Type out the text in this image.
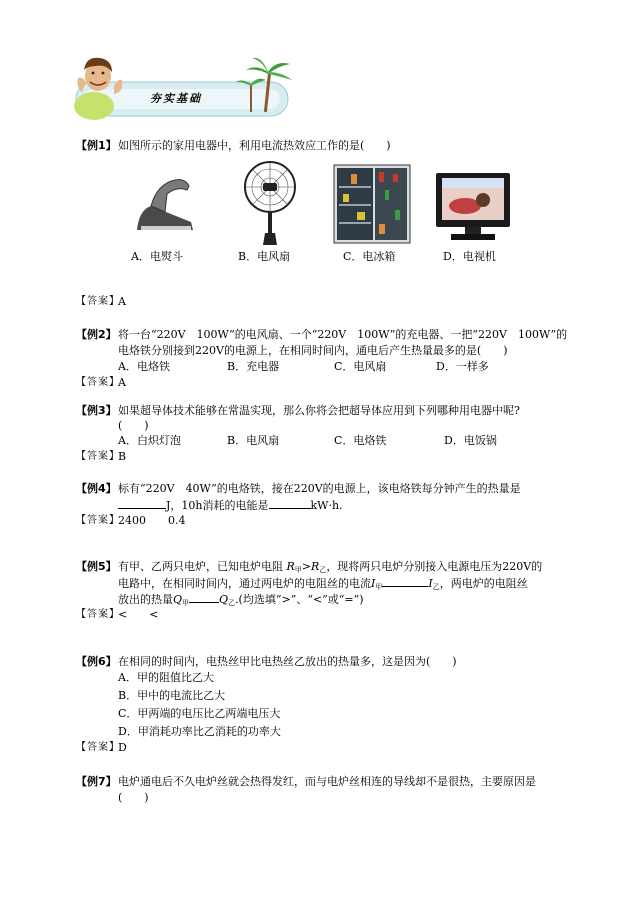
夯实基础
【例1】 如图所示的家用电器中，利用电流热效应工作的是(　　)
A．电熨斗	B．电风扇	C．电冰箱	D．电视机
【答案】
A
【例2】 将一台“220V　100W”的电风扇、一个“220V　100W”的充电器、一把“220V　100W”的
电烙铁分别接到220V的电源上，在相同时间内，通电后产生热量最多的是(　　)
A．电烙铁	B．充电器	C．电风扇	D．一样多
【答案】
A
【例3】 如果超导体技术能够在常温实现，那么你将会把超导体应用到下列哪种用电器中呢?
(　　)
A．白炽灯泡	B．电风扇	C．电烙铁	D．电饭锅
【答案】
B
【例4】 标有“220V　40W”的电烙铁，接在220V的电源上，该电烙铁每分钟产生的热量是
J，10h消耗的电能是	kW·h.
【答案】
2400　　0.4
【例5】 有甲、乙两只电炉，已知电炉电阻 $R_甲>R_乙$，现将两只电炉分别接入电源电压为220V的
电路中，在相同时间内，通过两电炉的电阻丝的电流$I_甲$	$I_乙$，两电炉的电阻丝
放出的热量$Q_甲$	$Q_乙$.(均选填“>”、“<”或“=”)
【答案】
<　　<
【例6】 在相同的时间内，电热丝甲比电热丝乙放出的热量多，这是因为(　　)
A．甲的阻值比乙大
B．甲中的电流比乙大
C．甲两端的电压比乙两端电压大
D．甲消耗功率比乙消耗的功率大
【答案】
D
【例7】 电炉通电后不久电炉丝就会热得发红，而与电炉丝相连的导线却不是很热，主要原因是
(　　)
